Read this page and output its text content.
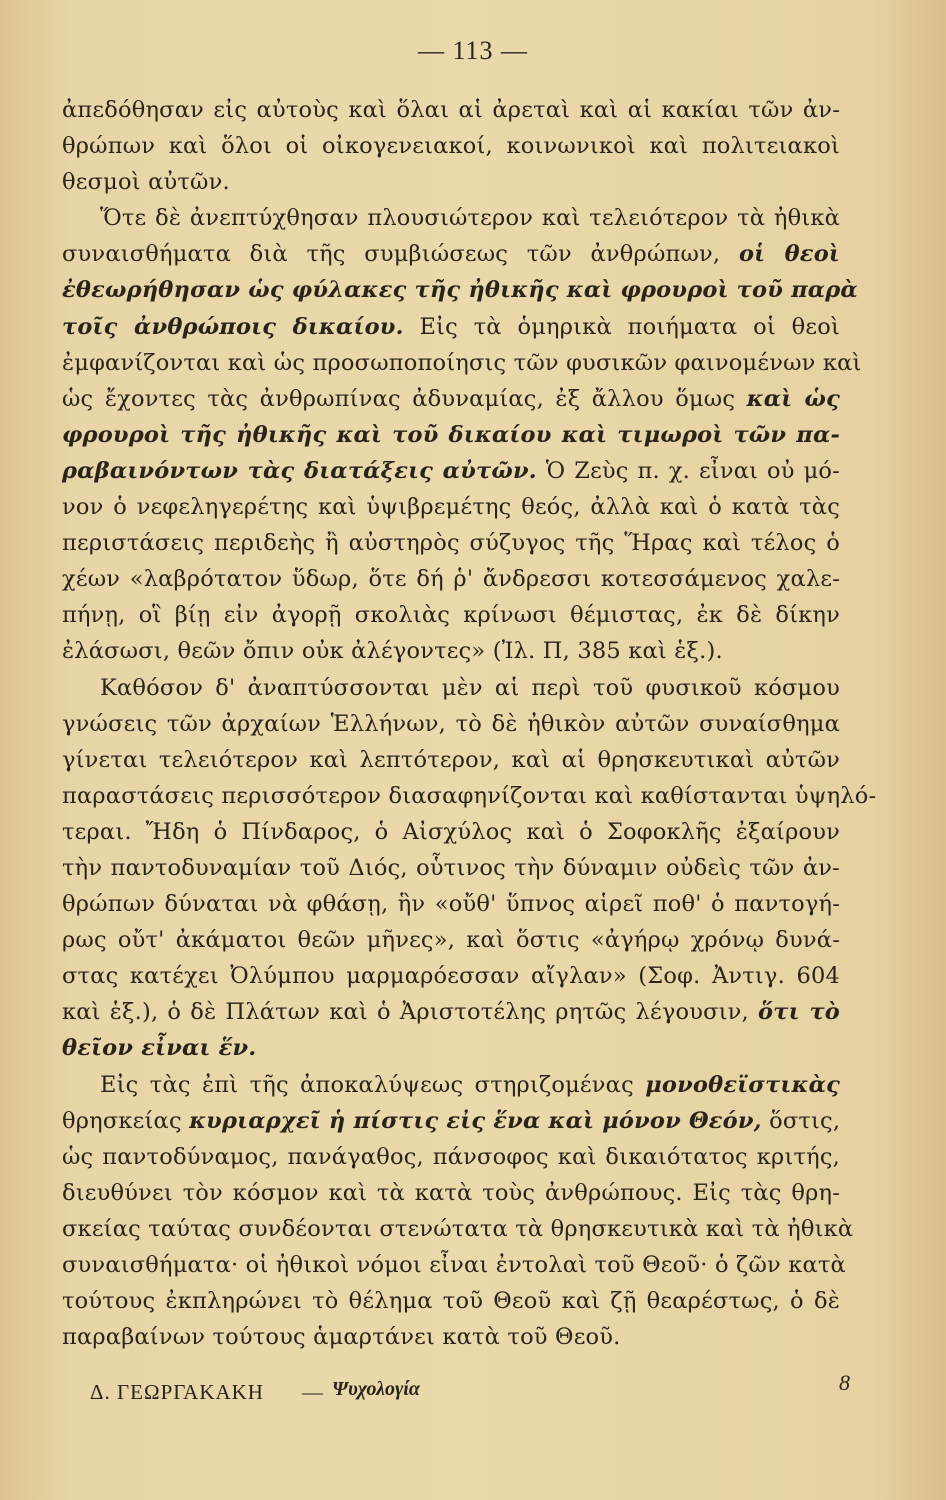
— 113 —
ἀπεδόθησαν εἰς αὐτοὺς καὶ ὅλαι αἱ ἀρεταὶ καὶ αἱ κακίαι τῶν ἀν-
θρώπων καὶ ὅλοι οἱ οἰκογενειακοί, κοινωνικοὶ καὶ πολιτειακοὶ
θεσμοὶ αὐτῶν.
Ὅτε δὲ ἀνεπτύχθησαν πλουσιώτερον καὶ τελειότερον τὰ ἠθικὰ
συναισθήματα διὰ τῆς συμβιώσεως τῶν ἀνθρώπων, οἱ θεοὶ
ἐθεωρήθησαν ὡς φύλακες τῆς ἠθικῆς καὶ φρουροὶ τοῦ παρὰ
τοῖς ἀνθρώποις δικαίου. Εἰς τὰ ὁμηρικὰ ποιήματα οἱ θεοὶ
ἐμφανίζονται καὶ ὡς προσωποποίησις τῶν φυσικῶν φαινομένων καὶ
ὡς ἔχοντες τὰς ἀνθρωπίνας ἀδυναμίας, ἐξ ἄλλου ὅμως καὶ ὡς
φρουροὶ τῆς ἠθικῆς καὶ τοῦ δικαίου καὶ τιμωροὶ τῶν πα-
ραβαινόντων τὰς διατάξεις αὐτῶν. Ὁ Ζεὺς π. χ. εἶναι οὐ μό-
νον ὁ νεφεληγερέτης καὶ ὑψιβρεμέτης θεός, ἀλλὰ καὶ ὁ κατὰ τὰς
περιστάσεις περιδεὴς ἢ αὐστηρὸς σύζυγος τῆς Ἥρας καὶ τέλος ὁ
χέων «λαβρότατον ὕδωρ, ὅτε δή ῥ' ἄνδρεσσι κοτεσσάμενος χαλε-
πήνῃ, οἳ βίῃ εἰν ἀγορῇ σκολιὰς κρίνωσι θέμιστας, ἐκ δὲ δίκην
ἐλάσωσι, θεῶν ὄπιν οὐκ ἀλέγοντες» (Ἰλ. Π, 385 καὶ ἑξ.).
Καθόσον δ' ἀναπτύσσονται μὲν αἱ περὶ τοῦ φυσικοῦ κόσμου
γνώσεις τῶν ἀρχαίων Ἑλλήνων, τὸ δὲ ἠθικὸν αὐτῶν συναίσθημα
γίνεται τελειότερον καὶ λεπτότερον, καὶ αἱ θρησκευτικαὶ αὐτῶν
παραστάσεις περισσότερον διασαφηνίζονται καὶ καθίστανται ὑψηλό-
τεραι. Ἤδη ὁ Πίνδαρος, ὁ Αἰσχύλος καὶ ὁ Σοφοκλῆς ἐξαίρουν
τὴν παντοδυναμίαν τοῦ Διός, οὗτινος τὴν δύναμιν οὐδεὶς τῶν ἀν-
θρώπων δύναται νὰ φθάσῃ, ἣν «οὔθ' ὕπνος αἱρεῖ ποθ' ὁ παντογή-
ρως οὔτ' ἀκάματοι θεῶν μῆνες», καὶ ὅστις «ἀγήρῳ χρόνῳ δυνά-
στας κατέχει Ὀλύμπου μαρμαρόεσσαν αἴγλαν» (Σοφ. Ἀντιγ. 604
καὶ ἑξ.), ὁ δὲ Πλάτων καὶ ὁ Ἀριστοτέλης ρητῶς λέγουσιν, ὅτι τὸ
θεῖον εἶναι ἕν.
Εἰς τὰς ἐπὶ τῆς ἀποκαλύψεως στηριζομένας μονοθεϊστικὰς
θρησκείας κυριαρχεῖ ἡ πίστις εἰς ἕνα καὶ μόνον Θεόν, ὅστις,
ὡς παντοδύναμος, πανάγαθος, πάνσοφος καὶ δικαιότατος κριτής,
διευθύνει τὸν κόσμον καὶ τὰ κατὰ τοὺς ἀνθρώπους. Εἰς τὰς θρη-
σκείας ταύτας συνδέονται στενώτατα τὰ θρησκευτικὰ καὶ τὰ ἠθικὰ
συναισθήματα· οἱ ἠθικοὶ νόμοι εἶναι ἐντολαὶ τοῦ Θεοῦ· ὁ ζῶν κατὰ
τούτους ἐκπληρώνει τὸ θέλημα τοῦ Θεοῦ καὶ ζῇ θεαρέστως, ὁ δὲ
παραβαίνων τούτους ἁμαρτάνει κατὰ τοῦ Θεοῦ.
Δ. ΓΕΩΡΓΑΚΑΚΗ — Ψυχολογία	8
